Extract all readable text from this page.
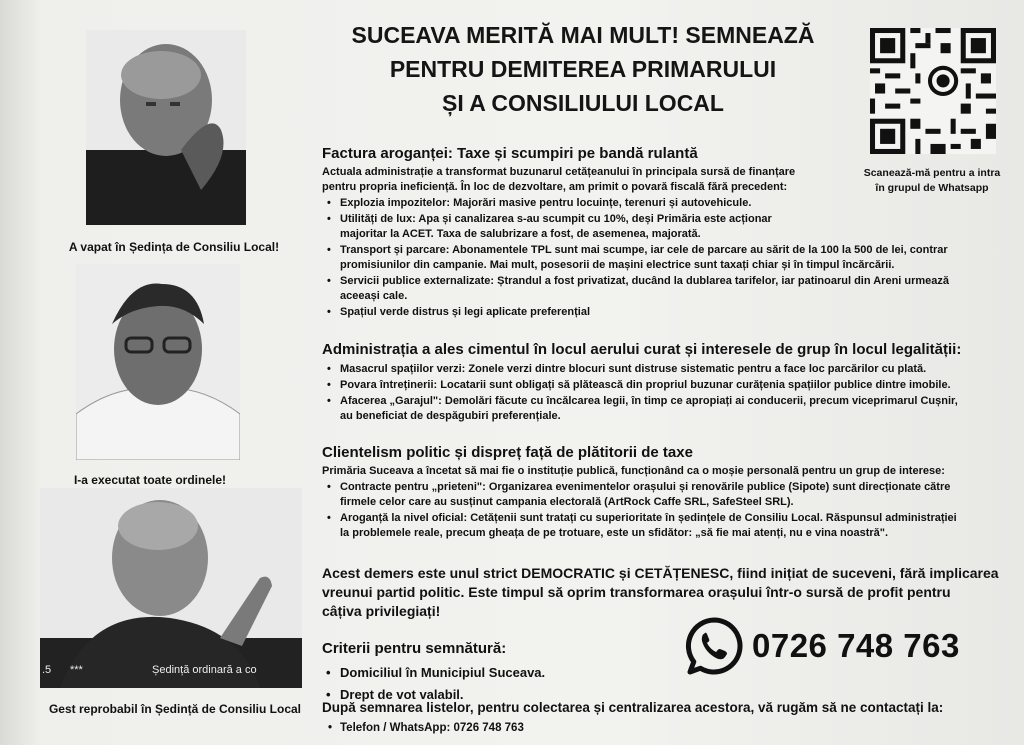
A vapat în Ședința de Consiliu Local!
I-a executat toate ordinele!
.5 ***	Ședință ordinară a co
Gest reprobabil în Ședință de Consiliu Local
SUCEAVA MERITĂ MAI MULT! SEMNEAZĂ
PENTRU DEMITEREA PRIMARULUI
ȘI A CONSILIULUI LOCAL
Scanează-mă pentru a intra
în grupul de Whatsapp
Factura aroganței: Taxe și scumpiri pe bandă rulantă
Actuala administrație a transformat buzunarul cetățeanului în principala sursă de finanțare
pentru propria ineficiență. În loc de dezvoltare, am primit o povară fiscală fără precedent:
• Explozia impozitelor: Majorări masive pentru locuințe, terenuri și autovehicule.
• Utilități de lux: Apa și canalizarea s-au scumpit cu 10%, deși Primăria este acționar
majoritar la ACET. Taxa de salubrizare a fost, de asemenea, majorată.
• Transport și parcare: Abonamentele TPL sunt mai scumpe, iar cele de parcare au sărit de la 100 la 500 de lei, contrar
promisiunilor din campanie. Mai mult, posesorii de mașini electrice sunt taxați chiar și în timpul încărcării.
• Servicii publice externalizate: Ștrandul a fost privatizat, ducând la dublarea tarifelor, iar patinoarul din Areni urmează
aceeași cale.
• Spațiul verde distrus și legi aplicate preferențial
Administrația a ales cimentul în locul aerului curat și interesele de grup în locul legalității:
• Masacrul spațiilor verzi: Zonele verzi dintre blocuri sunt distruse sistematic pentru a face loc parcărilor cu plată.
• Povara întreținerii: Locatarii sunt obligați să plătească din propriul buzunar curățenia spațiilor publice dintre imobile.
• Afacerea „Garajul": Demolări făcute cu încălcarea legii, în timp ce apropiați ai conducerii, precum viceprimarul Cușnir,
au beneficiat de despăgubiri preferențiale.
Clientelism politic și dispreț față de plătitorii de taxe
Primăria Suceava a încetat să mai fie o instituție publică, funcționând ca o moșie personală pentru un grup de interese:
• Contracte pentru „prieteni": Organizarea evenimentelor orașului și renovările publice (Sipote) sunt direcționate către
firmele celor care au susținut campania electorală (ArtRock Caffe SRL, SafeSteel SRL).
• Aroganță la nivel oficial: Cetățenii sunt tratați cu superioritate în ședințele de Consiliu Local. Răspunsul administrației
la problemele reale, precum gheața de pe trotuare, este un sfidător: „să fie mai atenți, nu e vina noastră".
Acest demers este unul strict DEMOCRATIC și CETĂȚENESC, fiind inițiat de suceveni, fără implicarea
vreunui partid politic. Este timpul să oprim transformarea orașului într-o sursă de profit pentru
câțiva privilegiați!
Criterii pentru semnătură:
• Domiciliul în Municipiul Suceava.
• Drept de vot valabil.
După semnarea listelor, pentru colectarea și centralizarea acestora, vă rugăm să ne contactați la:
• Telefon / WhatsApp: 0726 748 763
0726 748 763
